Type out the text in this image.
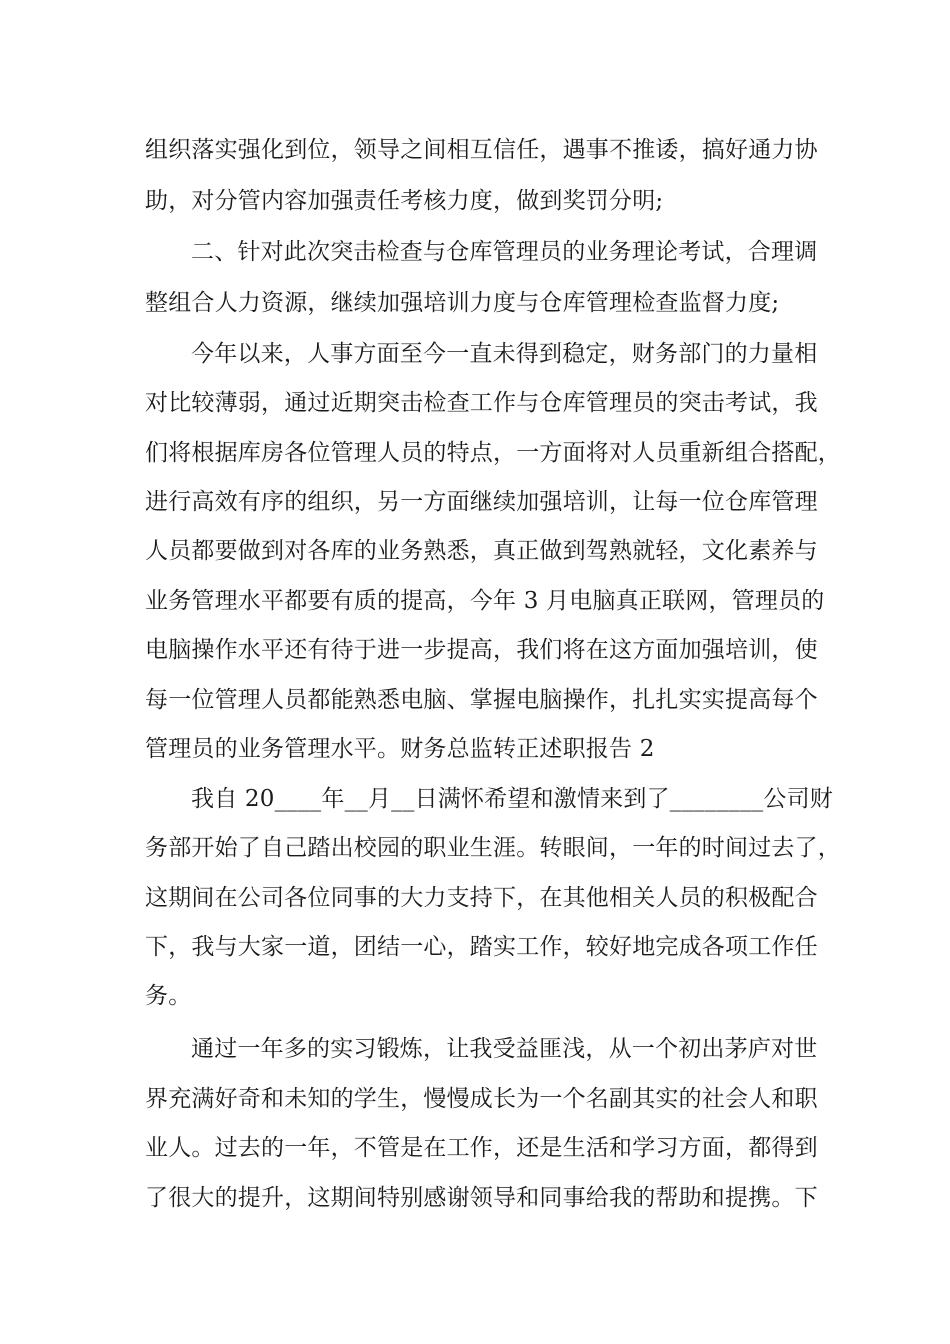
组织落实强化到位，领导之间相互信任，遇事不推诿，搞好通力协
助，对分管内容加强责任考核力度，做到奖罚分明;
二、针对此次突击检查与仓库管理员的业务理论考试，合理调
整组合人力资源，继续加强培训力度与仓库管理检查监督力度;
今年以来，人事方面至今一直未得到稳定，财务部门的力量相
对比较薄弱，通过近期突击检查工作与仓库管理员的突击考试，我
们将根据库房各位管理人员的特点，一方面将对人员重新组合搭配，
进行高效有序的组织，另一方面继续加强培训，让每一位仓库管理
人员都要做到对各库的业务熟悉，真正做到驾熟就轻，文化素养与
业务管理水平都要有质的提高，今年 3 月电脑真正联网，管理员的
电脑操作水平还有待于进一步提高，我们将在这方面加强培训，使
每一位管理人员都能熟悉电脑、掌握电脑操作，扎扎实实提高每个
管理员的业务管理水平。财务总监转正述职报告 2
我自 20____年__月__日满怀希望和激情来到了________公司财
务部开始了自己踏出校园的职业生涯。转眼间，一年的时间过去了，
这期间在公司各位同事的大力支持下，在其他相关人员的积极配合
下，我与大家一道，团结一心，踏实工作，较好地完成各项工作任
务。
通过一年多的实习锻炼，让我受益匪浅，从一个初出茅庐对世
界充满好奇和未知的学生，慢慢成长为一个名副其实的社会人和职
业人。过去的一年，不管是在工作，还是生活和学习方面，都得到
了很大的提升，这期间特别感谢领导和同事给我的帮助和提携。下
